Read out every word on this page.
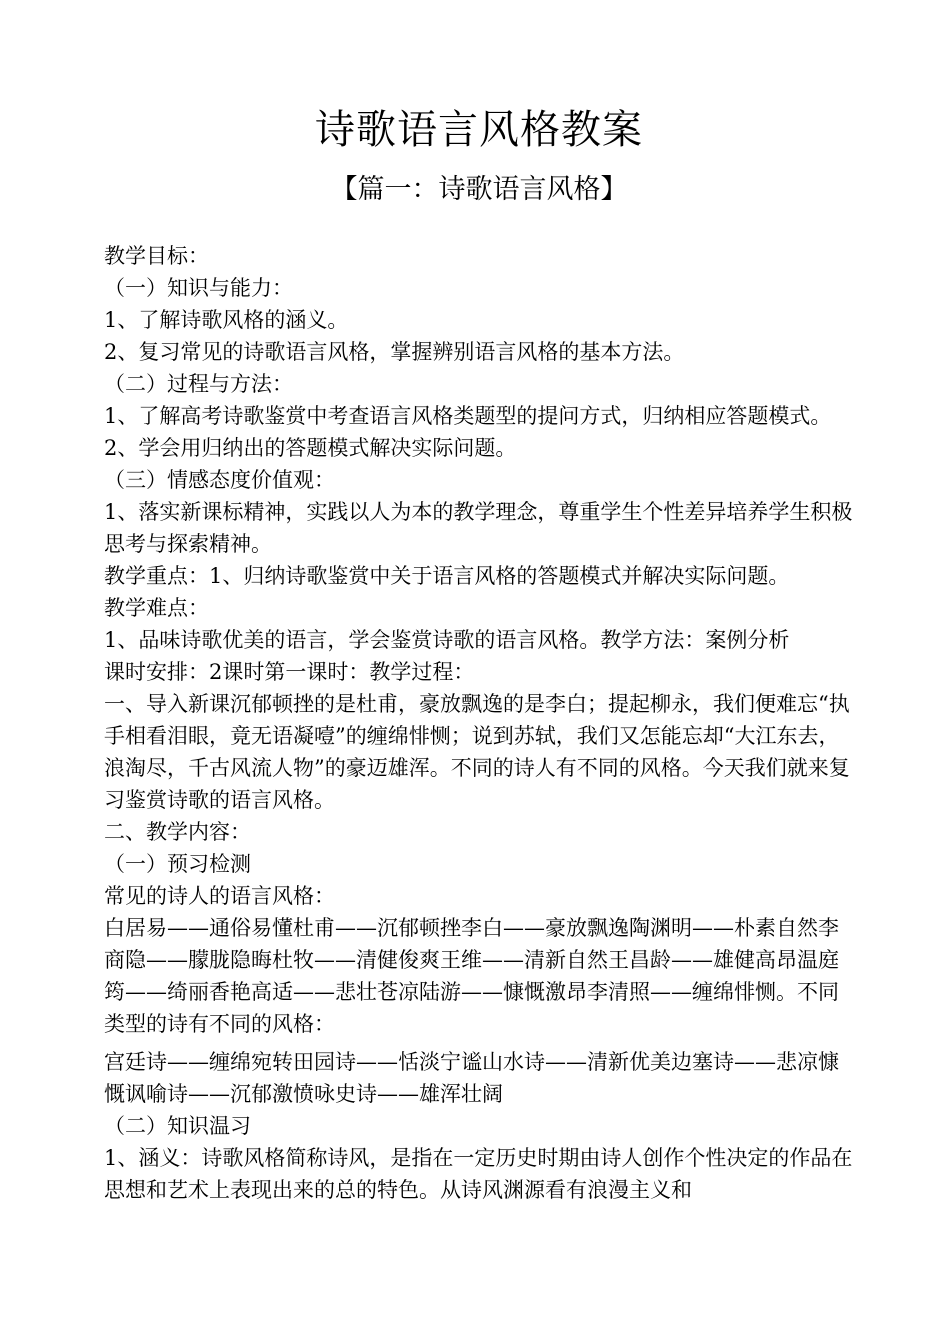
诗歌语言风格教案
【篇一：诗歌语言风格】

教学目标：

（一）知识与能力：

1、了解诗歌风格的涵义。

2、复习常见的诗歌语言风格，掌握辨别语言风格的基本方法。

（二）过程与方法：

1、了解高考诗歌鉴赏中考查语言风格类题型的提问方式，归纳相应答题模式。

2、学会用归纳出的答题模式解决实际问题。

（三）情感态度价值观：

1、落实新课标精神，实践以人为本的教学理念，尊重学生个性差异培养学生积极思考与探索精神。

教学重点：1、归纳诗歌鉴赏中关于语言风格的答题模式并解决实际问题。

教学难点：

1、品味诗歌优美的语言，学会鉴赏诗歌的语言风格。教学方法：案例分析

课时安排：2课时第一课时：教学过程：

一、导入新课沉郁顿挫的是杜甫，豪放飘逸的是李白；提起柳永，我们便难忘“执手相看泪眼，竟无语凝噎”的缠绵悱恻；说到苏轼，我们又怎能忘却“大江东去，浪淘尽，千古风流人物”的豪迈雄浑。不同的诗人有不同的风格。今天我们就来复习鉴赏诗歌的语言风格。

二、教学内容：

（一）预习检测

常见的诗人的语言风格：

白居易——通俗易懂杜甫——沉郁顿挫李白——豪放飘逸陶渊明——朴素自然李商隐——朦胧隐晦杜牧——清健俊爽王维——清新自然王昌龄——雄健高昂温庭筠——绮丽香艳高适——悲壮苍凉陆游——慷慨激昂李清照——缠绵悱恻。不同类型的诗有不同的风格：

宫廷诗——缠绵宛转田园诗——恬淡宁谧山水诗——清新优美边塞诗——悲凉慷慨讽喻诗——沉郁激愤咏史诗——雄浑壮阔

（二）知识温习

1、涵义：诗歌风格简称诗风，是指在一定历史时期由诗人创作个性决定的作品在思想和艺术上表现出来的总的特色。从诗风渊源看有浪漫主义和
